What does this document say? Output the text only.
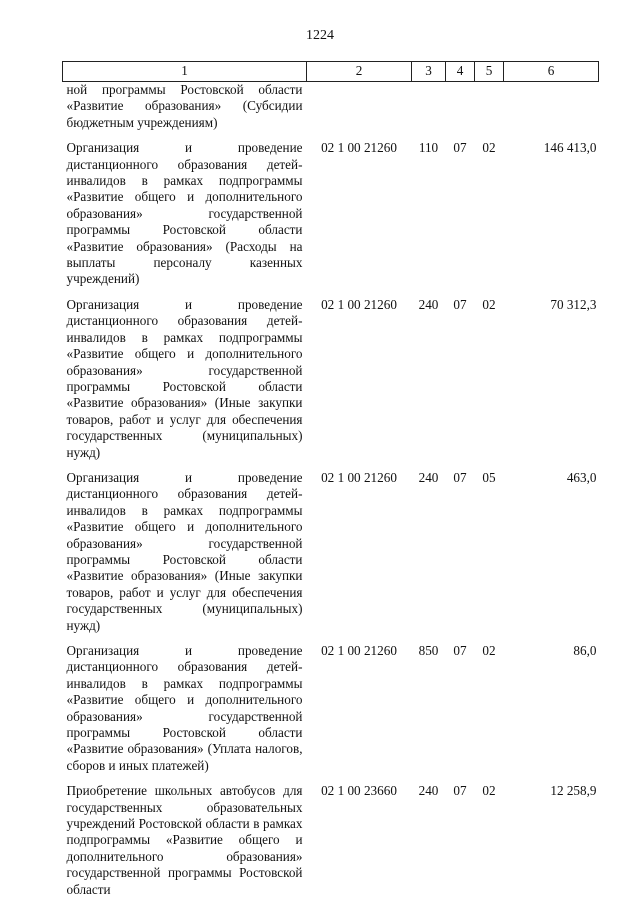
1224
1	2	3	4	5	6
ной программы Ростовской области «Развитие образования» (Субсидии бюджетным учреждениям)					
Организация и проведение дистанционного образования детей-инвалидов в рамках подпрограммы «Развитие общего и дополнительного образования» государственной программы Ростовской области «Развитие образования» (Расходы на выплаты персоналу казенных учреждений)	02 1 00 21260	110	07	02	146 413,0
Организация и проведение дистанционного образования детей-инвалидов в рамках подпрограммы «Развитие общего и дополнительного образования» государственной программы Ростовской области «Развитие образования» (Иные закупки товаров, работ и услуг для обеспечения государственных (муниципальных) нужд)	02 1 00 21260	240	07	02	70 312,3
Организация и проведение дистанционного образования детей-инвалидов в рамках подпрограммы «Развитие общего и дополнительного образования» государственной программы Ростовской области «Развитие образования» (Иные закупки товаров, работ и услуг для обеспечения государственных (муниципальных) нужд)	02 1 00 21260	240	07	05	463,0
Организация и проведение дистанционного образования детей-инвалидов в рамках подпрограммы «Развитие общего и дополнительного образования» государственной программы Ростовской области «Развитие образования» (Уплата налогов, сборов и иных платежей)	02 1 00 21260	850	07	02	86,0
Приобретение школьных автобусов для государственных образовательных учреждений Ростовской области в рамках подпрограммы «Развитие общего и дополнительного образования» государственной программы Ростовской области	02 1 00 23660	240	07	02	12 258,9
